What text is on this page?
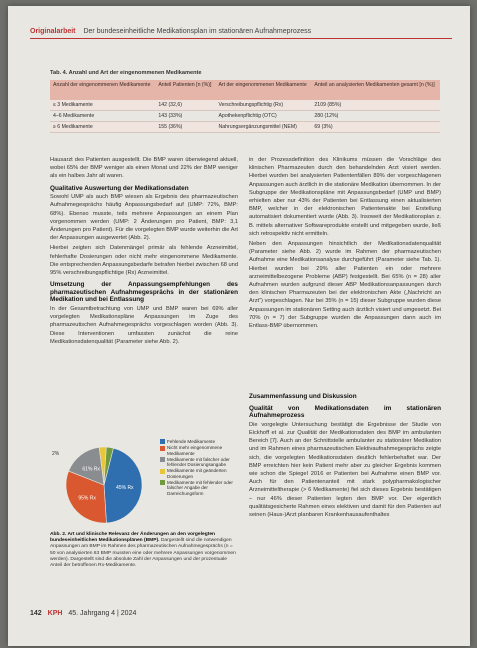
Originalarbeit Der bundeseinheitliche Medikationsplan im stationären Aufnahmeprozess
Tab. 4. Anzahl und Art der eingenommenen Medikamente
Anzahl der eingenommenen Medikamente	Anteil Patienten [n (%)]	Art der eingenommenen Medikamente	Anteil an analysierten Medikamenten gesamt [n (%)]
≤ 3 Medikamente	142 (32,6)	Verschreibungspflichtig (Rx)	2109 (85%)
4–6 Medikamente	143 (33%)	Apothekenpflichtig (OTC)	280 (12%)
≥ 6 Medikamente	155 (36%)	Nahrungsergänzungsmittel (NEM)	69 (3%)

Hausarzt des Patienten ausgestellt. Die BMP waren überwiegend aktuell, wobei 65% der BMP weniger als einen Monat und 22% der BMP weniger als ein halbes Jahr alt waren.

Qualitative Auswertung der Medikationsdaten

Sowohl UMP als auch BMP wiesen als Ergebnis des pharmazeutischen Aufnahmegesprächs häufig Anpassungsbedarf auf (UMP: 72%, BMP: 68%). Ebenso musste, teils mehrere Anpassungen an einem Plan vorgenommen werden (UMP: 2 Änderungen pro Patient, BMP: 3,1 Änderungen pro Patient). Für die vorgelegten BMP wurde weiterhin die Art der Anpassungen ausgewertet (Abb. 2).

Hierbei zeigten sich Datenmängel primär als fehlende Arzneimittel, fehlerhafte Dosierungen oder nicht mehr eingenommene Medikamente. Die entsprechenden Anpassungsbedarfe betrafen hierbei zwischen 68 und 95% verschreibungspflichtige (Rx) Arzneimittel.

Umsetzung der Anpassungsempfehlungen des pharmazeutischen Aufnahmegesprächs in der stationären Medikation und bei Entlassung

In der Gesamtbetrachtung von UMP und BMP waren bei 69% aller vorgelegten Medikationspläne Anpassungen im Zuge des pharmazeutischen Aufnahmegesprächs vorgeschlagen worden (Abb. 3). Diese Interventionen umfassten zunächst die reine Medikationsdatenqualität (Parameter siehe Abb. 2).

in der Prozessdefinition des Klinikums müssen die Vorschläge des klinischen Pharmazeuten durch den behandelnden Arzt visiert werden. Hierbei wurden bei analysierten Patientenfällen 89% der vorgeschlagenen Anpassungen auch ärztlich in die stationäre Medikation übernommen. In der Subgruppe der Medikationspläne mit Anpassungsbedarf (UMP und BMP) erhielten aber nur 43% der Patienten bei Entlassung einen aktualisierten BMP, welcher in der elektronischen Patientenakte bei Erstellung automatisiert dokumentiert wurde (Abb. 3). Insoweit der Medikationsplan z. B. mittels alternativer Softwareprodukte erstellt und mitgegeben wurde, ließ sich retrospektiv nicht ermitteln.

Neben den Anpassungen hinsichtlich der Medikationsdatenqualität (Parameter siehe Abb. 2) wurde im Rahmen der pharmazeutischen Aufnahme eine Medikationsanalyse durchgeführt (Parameter siehe Tab. 1). Hierbei wurden bei 29% aller Patienten ein oder mehrere arzneimittelbezogene Probleme (ABP) festgestellt. Bei 65% (n = 28) aller Aufnahmen wurden aufgrund dieser ABP Medikationsanpassungen durch den klinischen Pharmazeuten bei der elektronischen Akte („Nachricht an Arzt“) vorgeschlagen. Nur bei 35% (n = 15) dieser Subgruppe wurden diese Anpassungen im stationären Setting auch ärztlich visiert und umgesetzt. Bei 70% (n = 7) der Subgruppe wurden die Anpassungen dann auch im Entlass-BMP übernommen.

Zusammenfassung und Diskussion
Qualität von Medikationsdaten im stationären Aufnahmeprozess

Die vorgelegte Untersuchung bestätigt die Ergebnisse der Studie von Eickhoff et al. zur Qualität der Medikationsdaten des BMP im ambulanten Bereich [7]. Auch an der Schnittstelle ambulanter zu stationärer Medikation und im Rahmen eines pharmazeutischen Elektivaufnahmegesprächs zeigte sich, die vorgelegten Medikationsdaten deutlich fehlerbehaftet war. Der BMP erreichten hier kein Patient mehr aber zu gleicher Ergebnis kommen wie schon die Spiegel 2016 er Patienten bei Aufnahme einen BMP vor. Auch für den Patientenanteil mit stark polypharmakologischer Arzneimitteltherapie (> 6 Medikamente) fiel sich dieses Ergebnis bestätigen – nur 46% dieser Patienten legten den BMP vor. Der eigentlich qualitätsgesicherte Rahmen eines elektiven und damit für den Patienten auf seinen (Haus-)Arzt planbaren Krankenhausaufenthaltes

45% Rx
95% Rx
61% Rx
2%
Fehlende Medikamente
Nicht mehr eingenommene Medikamente
Medikamente mit falscher oder fehlender Dosierungsangabe
Medikamente mit geänderten Dosierungen
Medikamente mit fehlender oder falscher Angabe der Darreichungsform
Abb. 2. Art und klinische Relevanz der Änderungen an den vorgelegten bundeseinheitlichen Medikationsplänen (BMP). Dargestellt sind die notwendigen Anpassungen am BMP im Rahmen des pharmazeutischen Aufnahmegesprächs (n = 50 von analysierten 63 BMP mussten eine oder mehrere Anpassungen vorgenommen werden). Dargestellt sind die absolute Zahl der Anpassungen und der prozentuale Anteil der betroffenen Rx-Medikamente.
142 KPH 45. Jahrgang 4 | 2024
